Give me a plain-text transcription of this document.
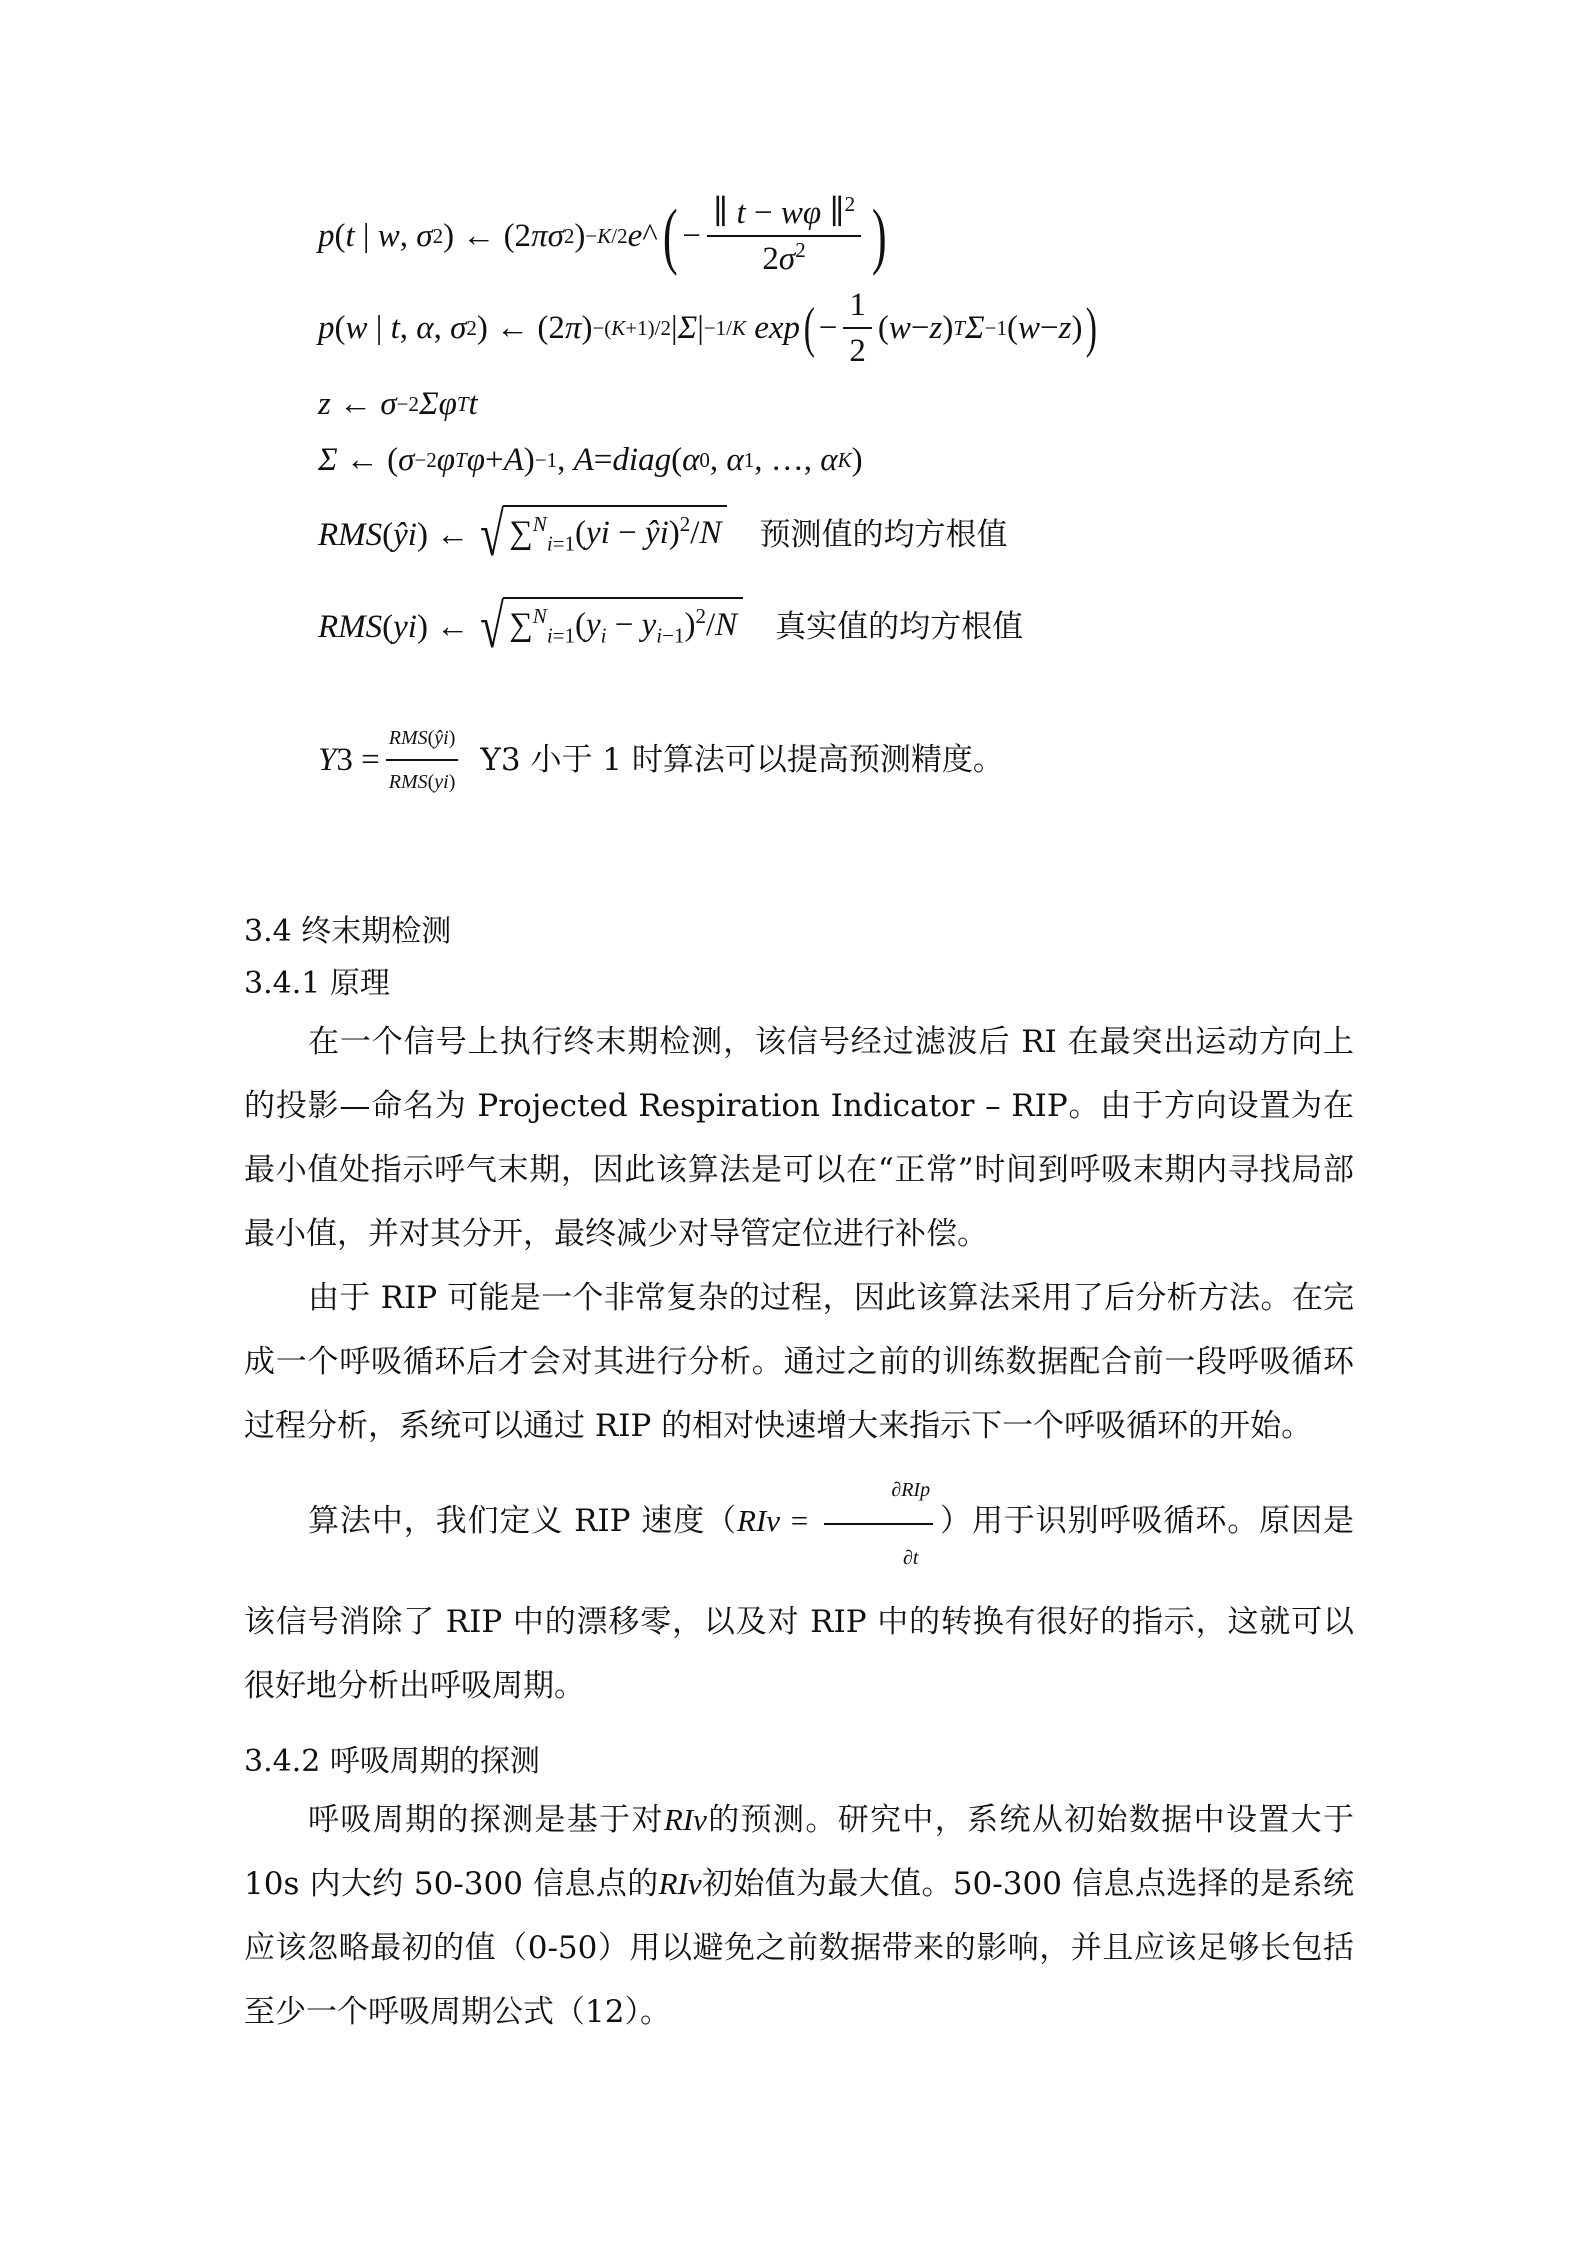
p ( t | w , σ 2 ) ← (2 πσ 2 ) −K/2 e ^ ( − $\frac{\parallel t - w\varphi \parallel^2}{2\sigma^2}$ )
p ( w | t , α , σ 2 ) ← (2 π ) −(K+1)/2 | Σ | −1/K
exp ( − $\frac{1}{2}$ ( w − z ) T Σ −1 ( w − z ) )
z ← σ −2 Σφ T t
Σ ← ( σ −2 φ T φ + A ) −1 , A = diag ( α 0 , α 1 , …, α K )
RMS ( ŷi ) ← √ ∑$^N_{i=1}$(yi − ŷi)$^2$/N 预测值的均方根值
RMS ( yi ) ← √ $\sum^N_{i=1}(y_i - y_{i-1})^2/N$ 真实值的均方根值
Y $3 = \frac{\text{RMS(ŷi)}}{\text{RMS(yi)}} Y3$ 小于 1 时算法可以提高预测精度。
3.4 终末期检测
3.4.1 原理

在一个信号上执行终末期检测，该信号经过滤波后 RI 在最突出运动方向上的投影—命名为 Projected Respiration Indicator – RIP。由于方向设置为在最小值处指示呼气末期，因此该算法是可以在“正常”时间到呼吸末期内寻找局部最小值，并对其分开，最终减少对导管定位进行补偿。

由于 RIP 可能是一个非常复杂的过程，因此该算法采用了后分析方法。在完成一个呼吸循环后才会对其进行分析。通过之前的训练数据配合前一段呼吸循环过程分析，系统可以通过 RIP 的相对快速增大来指示下一个呼吸循环的开始。

算法中，我们定义 RIP 速度（$RIv = \frac{\text{∂RIp}}{\partial t}$ ）用于识别呼吸循环。原因是该信号消除了 RIP 中的漂移零，以及对 RIP 中的转换有很好的指示，这就可以很好地分析出呼吸周期。

3.4.2 呼吸周期的探测

呼吸周期的探测是基于对RIv的预测。研究中，系统从初始数据中设置大于 10s 内大约 50-300 信息点的RIv初始值为最大值。50-300 信息点选择的是系统应该忽略最初的值（0-50）用以避免之前数据带来的影响，并且应该足够长包括至少一个呼吸周期公式（12）。
